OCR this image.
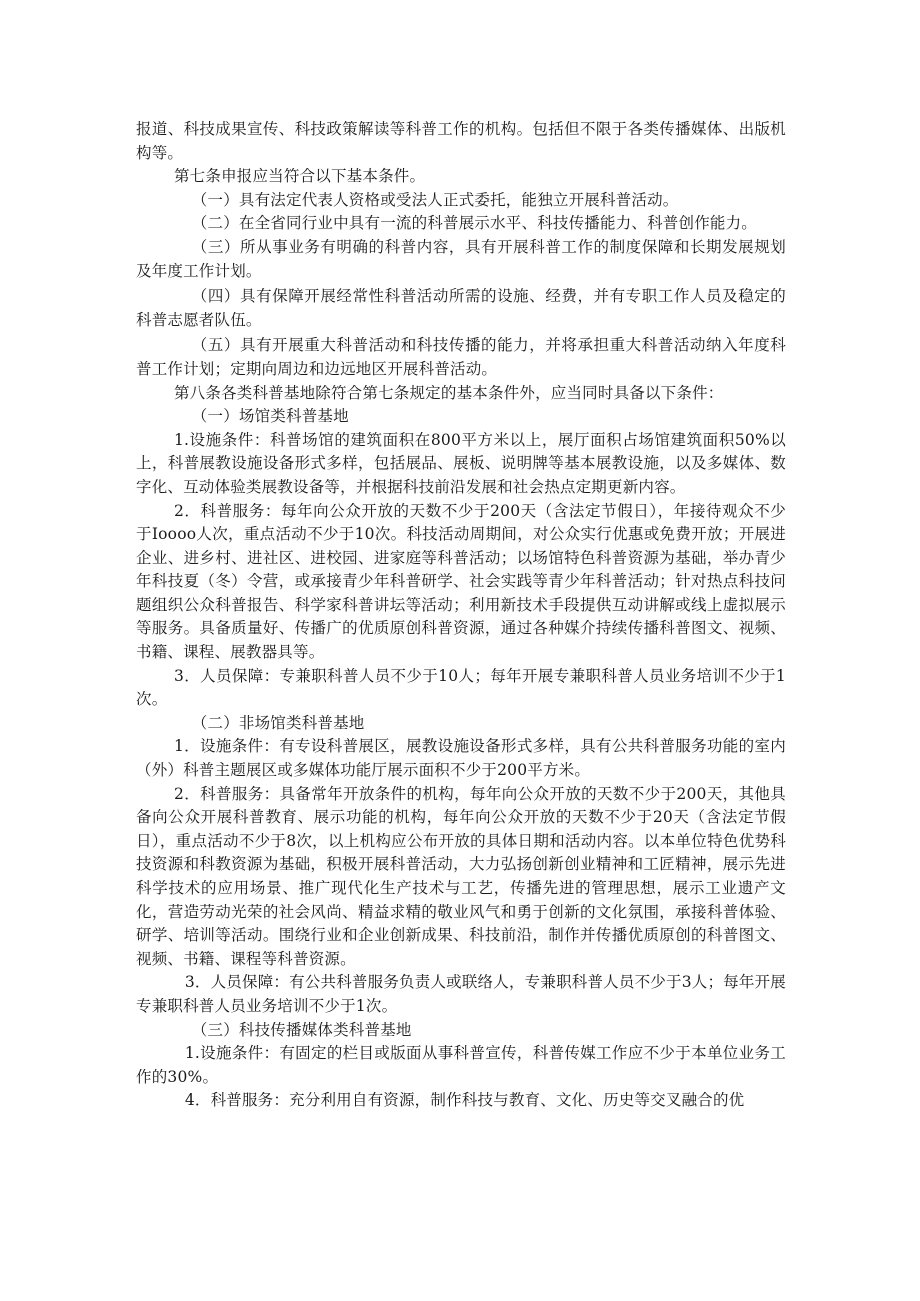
报道、科技成果宣传、科技政策解读等科普工作的机构。包括但不限于各类传播媒体、出版机构等。

第七条申报应当符合以下基本条件。

（一）具有法定代表人资格或受法人正式委托，能独立开展科普活动。

（二）在全省同行业中具有一流的科普展示水平、科技传播能力、科普创作能力。

（三）所从事业务有明确的科普内容，具有开展科普工作的制度保障和长期发展规划及年度工作计划。

（四）具有保障开展经常性科普活动所需的设施、经费，并有专职工作人员及稳定的科普志愿者队伍。

（五）具有开展重大科普活动和科技传播的能力，并将承担重大科普活动纳入年度科普工作计划；定期向周边和边远地区开展科普活动。

第八条各类科普基地除符合第七条规定的基本条件外，应当同时具备以下条件：

（一）场馆类科普基地

1.设施条件：科普场馆的建筑面积在800平方米以上，展厅面积占场馆建筑面积50%以上，科普展教设施设备形式多样，包括展品、展板、说明牌等基本展教设施，以及多媒体、数字化、互动体验类展教设备等，并根据科技前沿发展和社会热点定期更新内容。

2．科普服务：每年向公众开放的天数不少于200天（含法定节假日），年接待观众不少于Ioooo人次，重点活动不少于10次。科技活动周期间，对公众实行优惠或免费开放；开展进企业、进乡村、进社区、进校园、进家庭等科普活动；以场馆特色科普资源为基础，举办青少年科技夏（冬）令营，或承接青少年科普研学、社会实践等青少年科普活动；针对热点科技问题组织公众科普报告、科学家科普讲坛等活动；利用新技术手段提供互动讲解或线上虚拟展示等服务。具备质量好、传播广的优质原创科普资源，通过各种媒介持续传播科普图文、视频、书籍、课程、展教器具等。

3．人员保障：专兼职科普人员不少于10人；每年开展专兼职科普人员业务培训不少于1次。

（二）非场馆类科普基地

1．设施条件：有专设科普展区，展教设施设备形式多样，具有公共科普服务功能的室内（外）科普主题展区或多媒体功能厅展示面积不少于200平方米。

2．科普服务：具备常年开放条件的机构，每年向公众开放的天数不少于200天，其他具备向公众开展科普教育、展示功能的机构，每年向公众开放的天数不少于20天（含法定节假日），重点活动不少于8次，以上机构应公布开放的具体日期和活动内容。以本单位特色优势科技资源和科教资源为基础，积极开展科普活动，大力弘扬创新创业精神和工匠精神，展示先进科学技术的应用场景、推广现代化生产技术与工艺，传播先进的管理思想，展示工业遗产文化，营造劳动光荣的社会风尚、精益求精的敬业风气和勇于创新的文化氛围，承接科普体验、研学、培训等活动。围绕行业和企业创新成果、科技前沿，制作并传播优质原创的科普图文、视频、书籍、课程等科普资源。

3．人员保障：有公共科普服务负责人或联络人，专兼职科普人员不少于3人；每年开展专兼职科普人员业务培训不少于1次。

（三）科技传播媒体类科普基地

1.设施条件：有固定的栏目或版面从事科普宣传，科普传媒工作应不少于本单位业务工作的30%。

4．科普服务：充分利用自有资源，制作科技与教育、文化、历史等交叉融合的优
